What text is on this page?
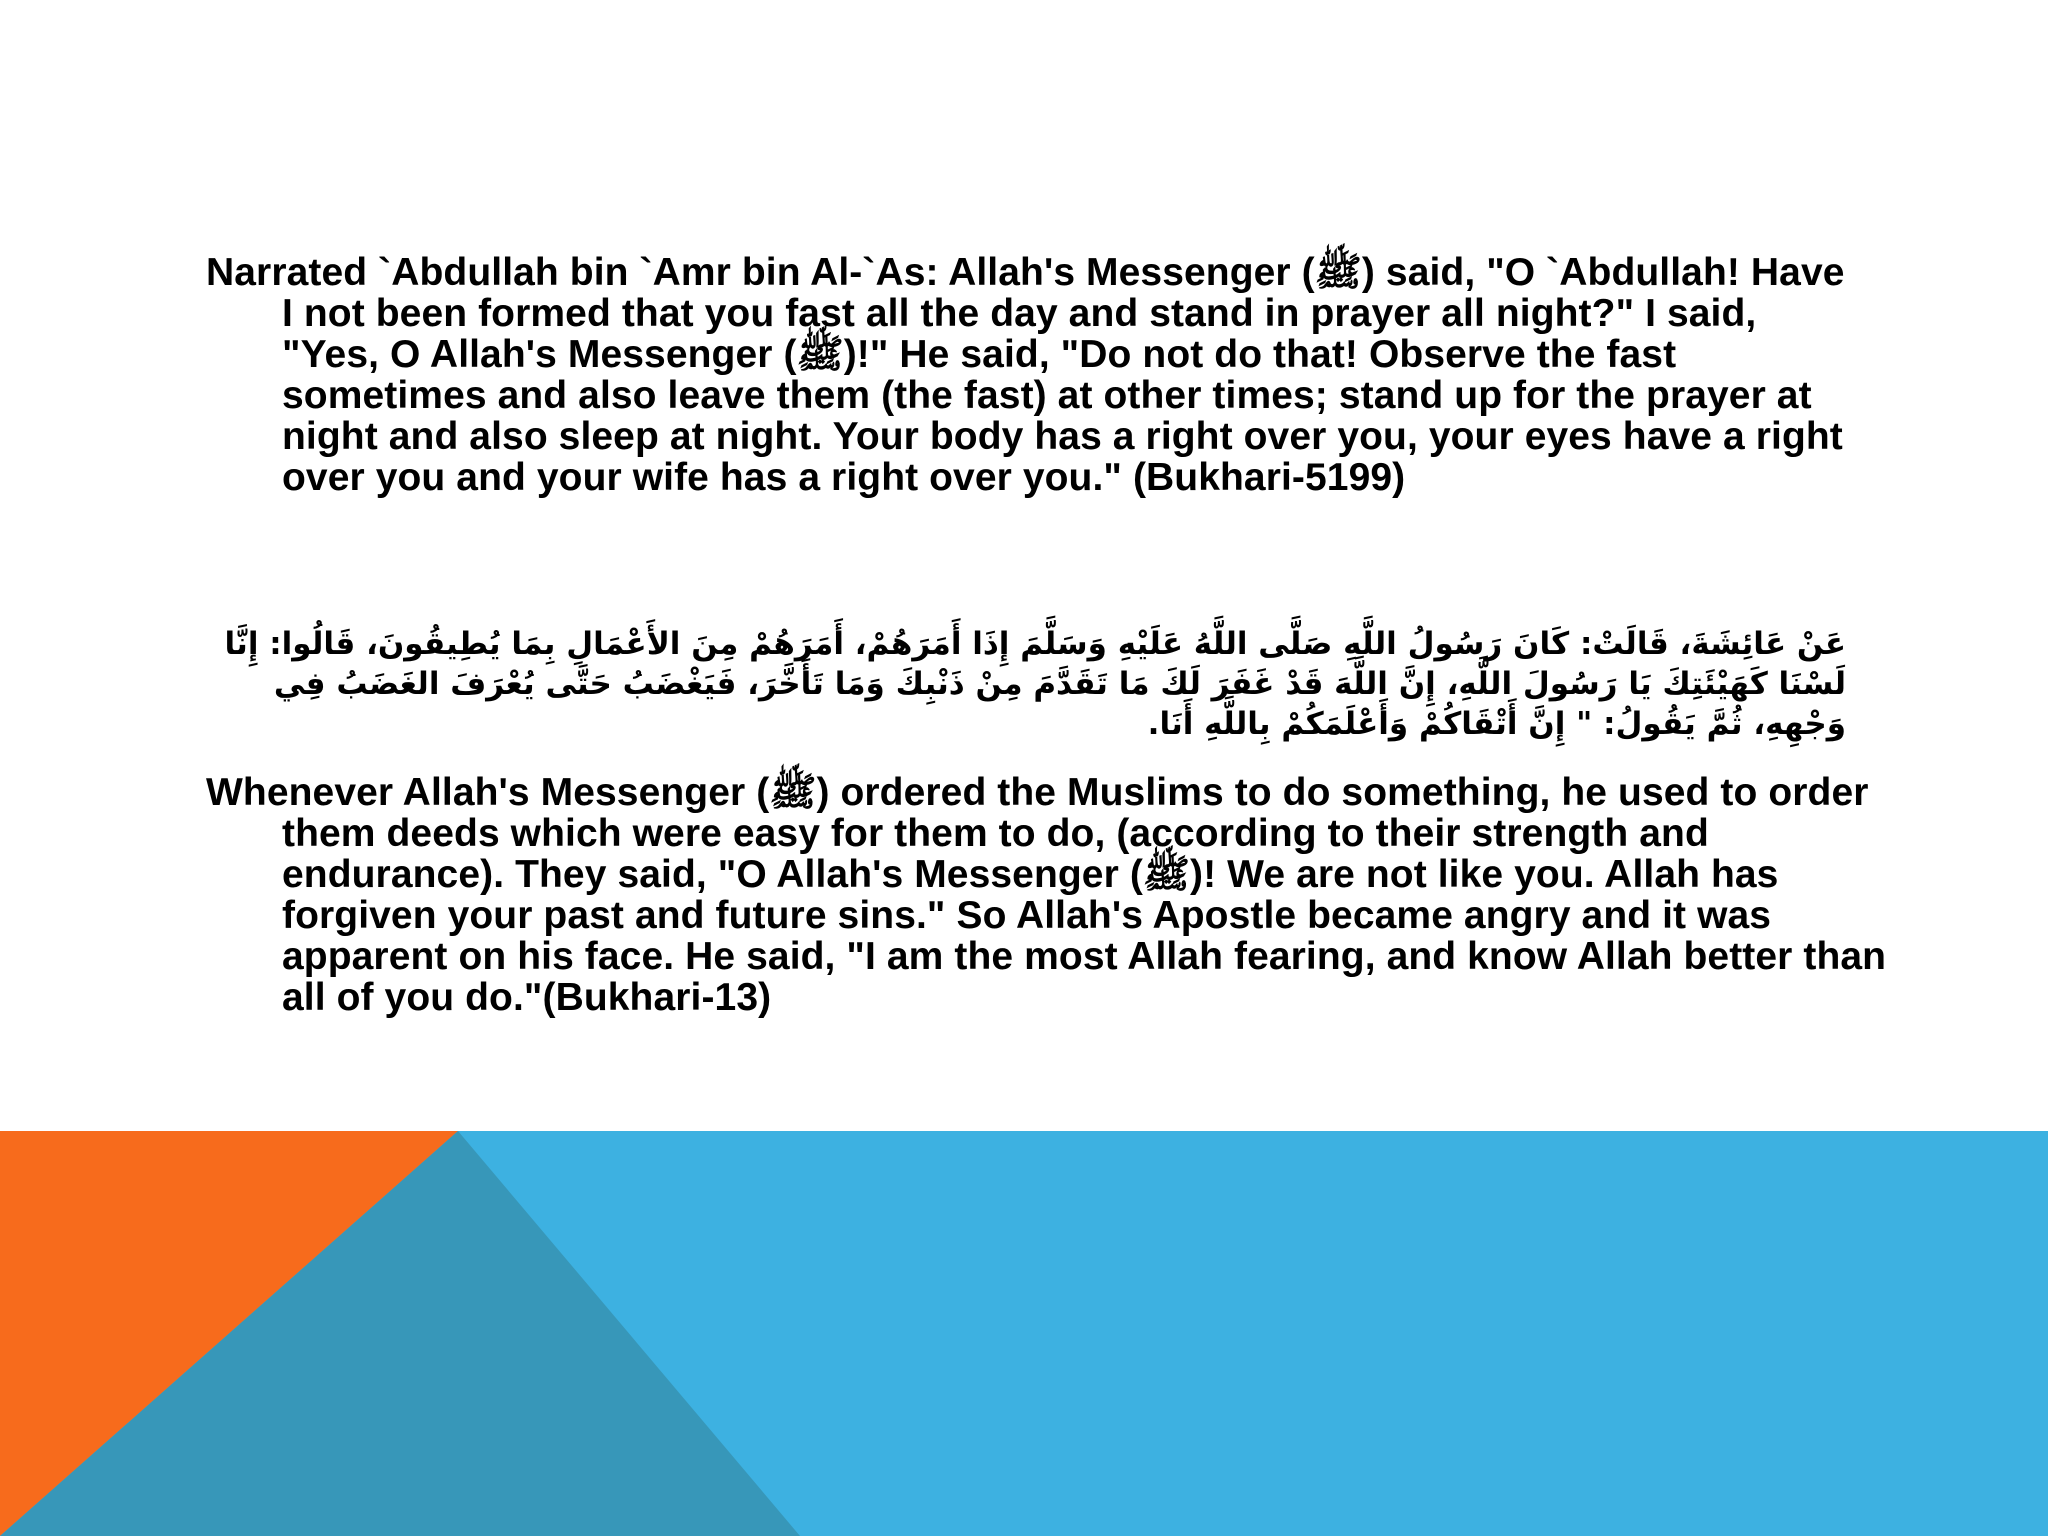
Narrated `Abdullah bin `Amr bin Al-`As: Allah's Messenger (ﷺ) said, "O `Abdullah! Have I not been formed that you fast all the day and stand in prayer all night?" I said, "Yes, O Allah's Messenger (ﷺ)!" He said, "Do not do that! Observe the fast sometimes and also leave them (the fast) at other times; stand up for the prayer at night and also sleep at night. Your body has a right over you, your eyes have a right over you and your wife has a right over you." (Bukhari-5199)

عَنْ عَائِشَةَ، قَالَتْ: كَانَ رَسُولُ اللَّهِ صَلَّى اللَّهُ عَلَيْهِ وَسَلَّمَ إِذَا أَمَرَهُمْ، أَمَرَهُمْ مِنَ الأَعْمَالِ بِمَا يُطِيقُونَ، قَالُوا: إِنَّا لَسْنَا كَهَيْئَتِكَ يَا رَسُولَ اللَّهِ، إِنَّ اللَّهَ قَدْ غَفَرَ لَكَ مَا تَقَدَّمَ مِنْ ذَنْبِكَ وَمَا تَأَخَّرَ، فَيَغْضَبُ حَتَّى يُعْرَفَ الغَضَبُ فِي وَجْهِهِ، ثُمَّ يَقُولُ: " إِنَّ أَتْقَاكُمْ وَأَعْلَمَكُمْ بِاللَّهِ أَنَا.

Whenever Allah's Messenger (ﷺ) ordered the Muslims to do something, he used to order them deeds which were easy for them to do, (according to their strength and endurance). They said, "O Allah's Messenger (ﷺ)! We are not like you. Allah has forgiven your past and future sins." So Allah's Apostle became angry and it was apparent on his face. He said, "I am the most Allah fearing, and know Allah better than all of you do."(Bukhari-13)
